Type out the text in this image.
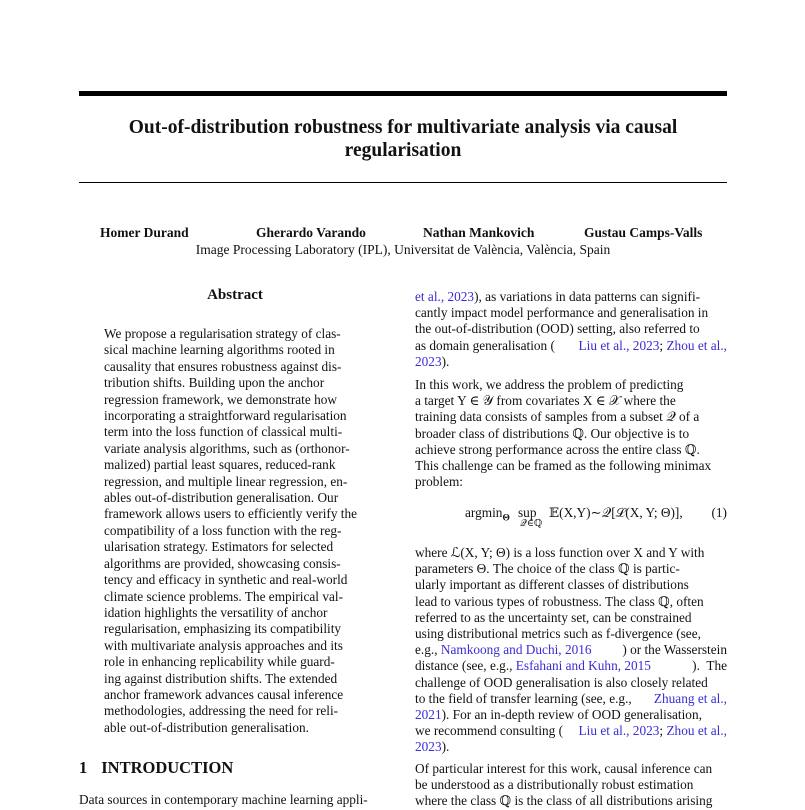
Out-of-distribution robustness for multivariate analysis via causal
regularisation
Homer Durand	Gherardo Varando	Nathan Mankovich	Gustau Camps-Valls
Image Processing Laboratory (IPL), Universitat de València, València, Spain
Abstract
We propose a regularisation strategy of clas-
sical machine learning algorithms rooted in
causality that ensures robustness against dis-
tribution shifts. Building upon the anchor
regression framework, we demonstrate how
incorporating a straightforward regularisation
term into the loss function of classical multi-
variate analysis algorithms, such as (orthonor-
malized) partial least squares, reduced-rank
regression, and multiple linear regression, en-
ables out-of-distribution generalisation. Our
framework allows users to efficiently verify the
compatibility of a loss function with the reg-
ularisation strategy. Estimators for selected
algorithms are provided, showcasing consis-
tency and efficacy in synthetic and real-world
climate science problems. The empirical val-
idation highlights the versatility of anchor
regularisation, emphasizing its compatibility
with multivariate analysis approaches and its
role in enhancing replicability while guard-
ing against distribution shifts. The extended
anchor framework advances causal inference
methodologies, addressing the need for reli-
able out-of-distribution generalisation.
1 INTRODUCTION
Data sources in contemporary machine learning appli-
et al., 2023), as variations in data patterns can signifi-
cantly impact model performance and generalisation in
the out-of-distribution (OOD) setting, also referred to
as domain generalisation ( Liu et al., 2023; Zhou et al.,
2023).
In this work, we address the problem of predicting
a target Y ∈ 𝒴 from covariates X ∈ 𝒳 where the
training data consists of samples from a subset 𝒬 of a
broader class of distributions ℚ. Our objective is to
achieve strong performance across the entire class ℚ.
This challenge can be framed as the following minimax
problem:
argmin$_\Theta$ sup
𝒬∈ℚ
𝔼(X,Y)∼𝒬[ℒ(X, Y; Θ)], (1)
where ℒ(X, Y; Θ) is a loss function over X and Y with
parameters Θ. The choice of the class ℚ is partic-
ularly important as different classes of distributions
lead to various types of robustness. The class ℚ, often
referred to as the uncertainty set, can be constrained
using distributional metrics such as f-divergence (see,
e.g., Namkoong and Duchi, 2016 ) or the Wasserstein
distance (see, e.g., Esfahani and Kuhn, 2015	).  The
challenge of OOD generalisation is also closely related
to the field of transfer learning (see, e.g., Zhuang et al.,
2021). For an in-depth review of OOD generalisation,
we recommend consulting ( Liu et al., 2023; Zhou et al.,
2023).
Of particular interest for this work, causal inference can
be understood as a distributionally robust estimation
where the class ℚ is the class of all distributions arising
